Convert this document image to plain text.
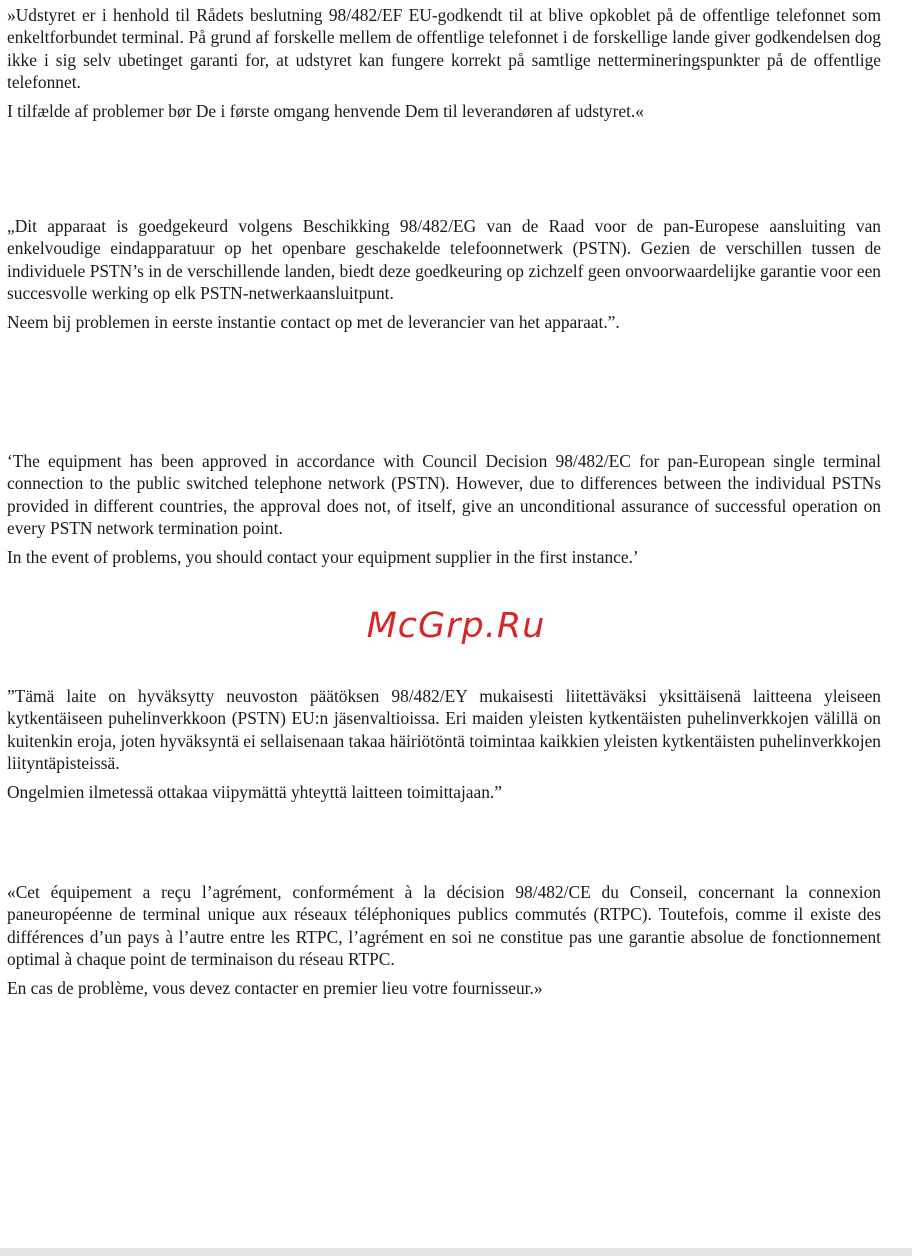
»Udstyret er i henhold til Rådets beslutning 98/482/EF EU-godkendt til at blive opkoblet på de offentlige telefonnet som enkeltforbundet terminal. På grund af forskelle mellem de offentlige telefonnet i de forskellige lande giver godkendelsen dog ikke i sig selv ubetinget garanti for, at udstyret kan fungere korrekt på samtlige nettermineringspunkter på de offentlige telefonnet.

I tilfælde af problemer bør De i første omgang henvende Dem til leverandøren af udstyret.«

„Dit apparaat is goedgekeurd volgens Beschikking 98/482/EG van de Raad voor de pan-Europese aansluiting van enkelvoudige eindapparatuur op het openbare geschakelde telefoonnetwerk (PSTN). Gezien de verschillen tussen de individuele PSTN’s in de verschillende landen, biedt deze goedkeuring op zichzelf geen onvoorwaardelijke garantie voor een succesvolle werking op elk PSTN-netwerkaansluitpunt.

Neem bij problemen in eerste instantie contact op met de leverancier van het apparaat.”.

‘The equipment has been approved in accordance with Council Decision 98/482/EC for pan-European single terminal connection to the public switched telephone network (PSTN). However, due to differences between the individual PSTNs provided in different countries, the approval does not, of itself, give an unconditional assurance of successful operation on every PSTN network termination point.

In the event of problems, you should contact your equipment supplier in the first instance.’

”Tämä laite on hyväksytty neuvoston päätöksen 98/482/EY mukaisesti liitettäväksi yksittäisenä laitteena yleiseen kytkentäiseen puhelinverkkoon (PSTN) EU:n jäsenvaltioissa. Eri maiden yleisten kytkentäisten puhelinverkkojen välillä on kuitenkin eroja, joten hyväksyntä ei sellaisenaan takaa häiriötöntä toimintaa kaikkien yleisten kytkentäisten puhelinverkkojen liityntäpisteissä.

Ongelmien ilmetessä ottakaa viipymättä yhteyttä laitteen toimittajaan.”

«Cet équipement a reçu l’agrément, conformément à la décision 98/482/CE du Conseil, concernant la connexion paneuropéenne de terminal unique aux réseaux téléphoniques publics commutés (RTPC). Toutefois, comme il existe des différences d’un pays à l’autre entre les RTPC, l’agrément en soi ne constitue pas une garantie absolue de fonctionnement optimal à chaque point de terminaison du réseau RTPC.

En cas de problème, vous devez contacter en premier lieu votre fournisseur.»

McGrp.Ru
